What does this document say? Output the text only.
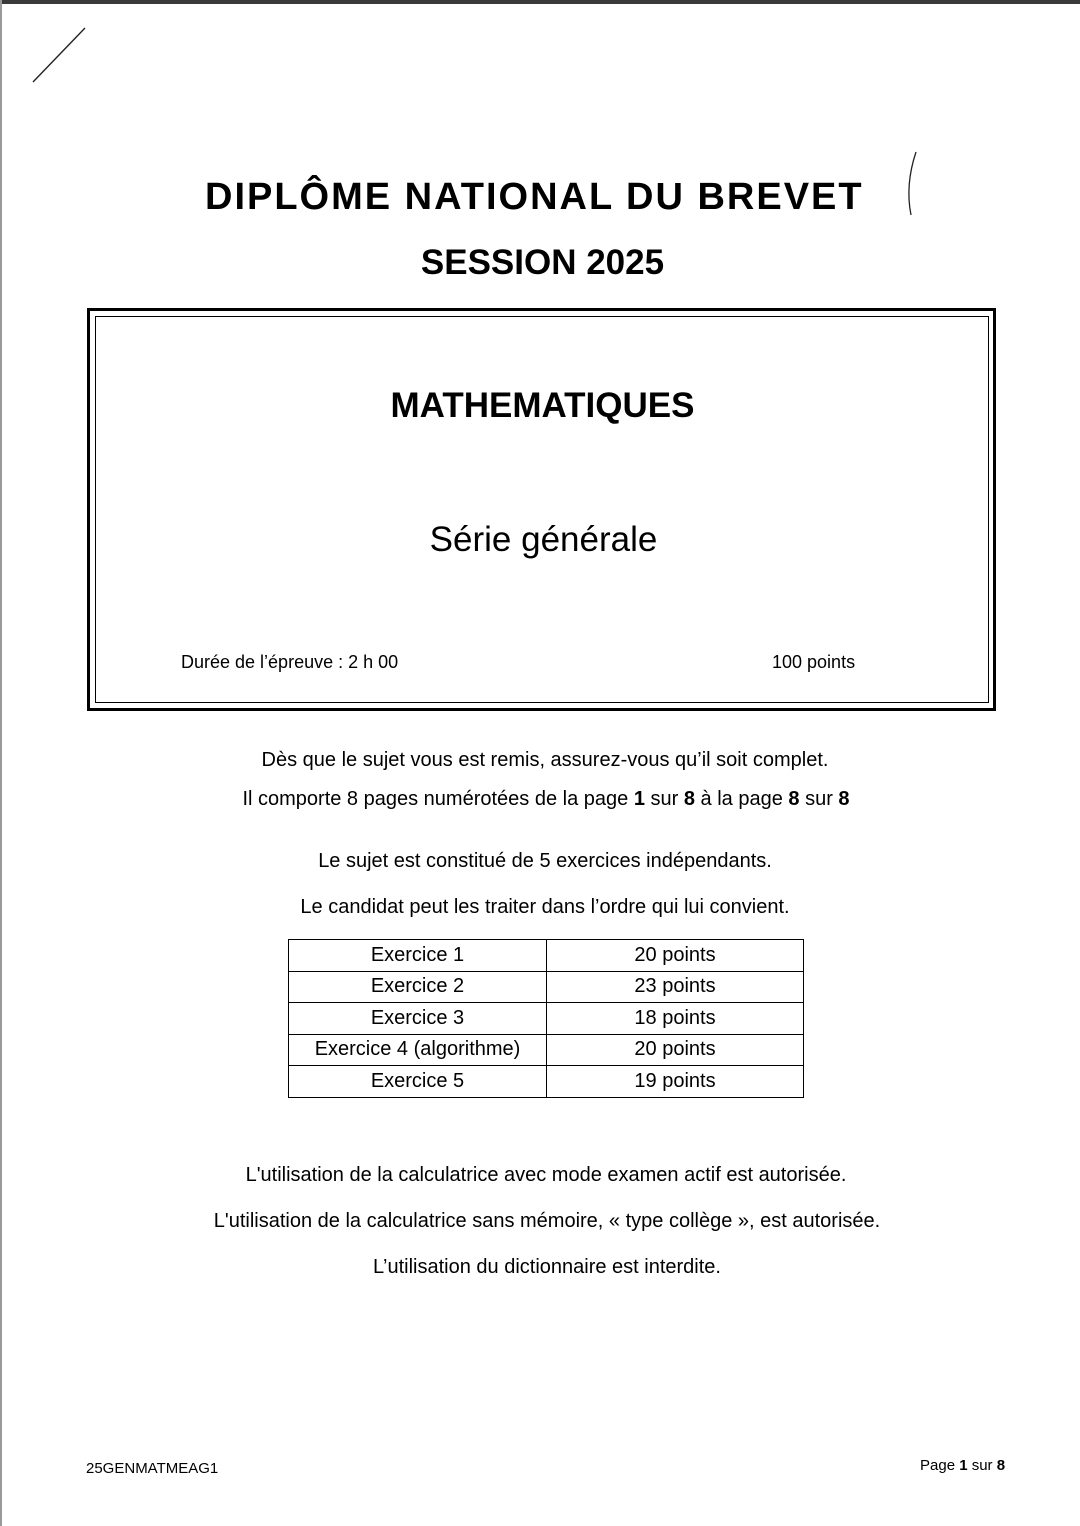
DIPLÔME NATIONAL DU BREVET
SESSION 2025
MATHEMATIQUES
Série générale
Durée de l’épreuve : 2 h 00	100 points
Dès que le sujet vous est remis, assurez-vous qu’il soit complet.
Il comporte 8 pages numérotées de la page 1 sur 8 à la page 8 sur 8
Le sujet est constitué de 5 exercices indépendants.
Le candidat peut les traiter dans l’ordre qui lui convient.
Exercice 1	20 points
Exercice 2	23 points
Exercice 3	18 points
Exercice 4 (algorithme)	20 points
Exercice 5	19 points
L'utilisation de la calculatrice avec mode examen actif est autorisée.
L'utilisation de la calculatrice sans mémoire, « type collège », est autorisée.
L’utilisation du dictionnaire est interdite.
25GENMATMEAG1	Page 1 sur 8
